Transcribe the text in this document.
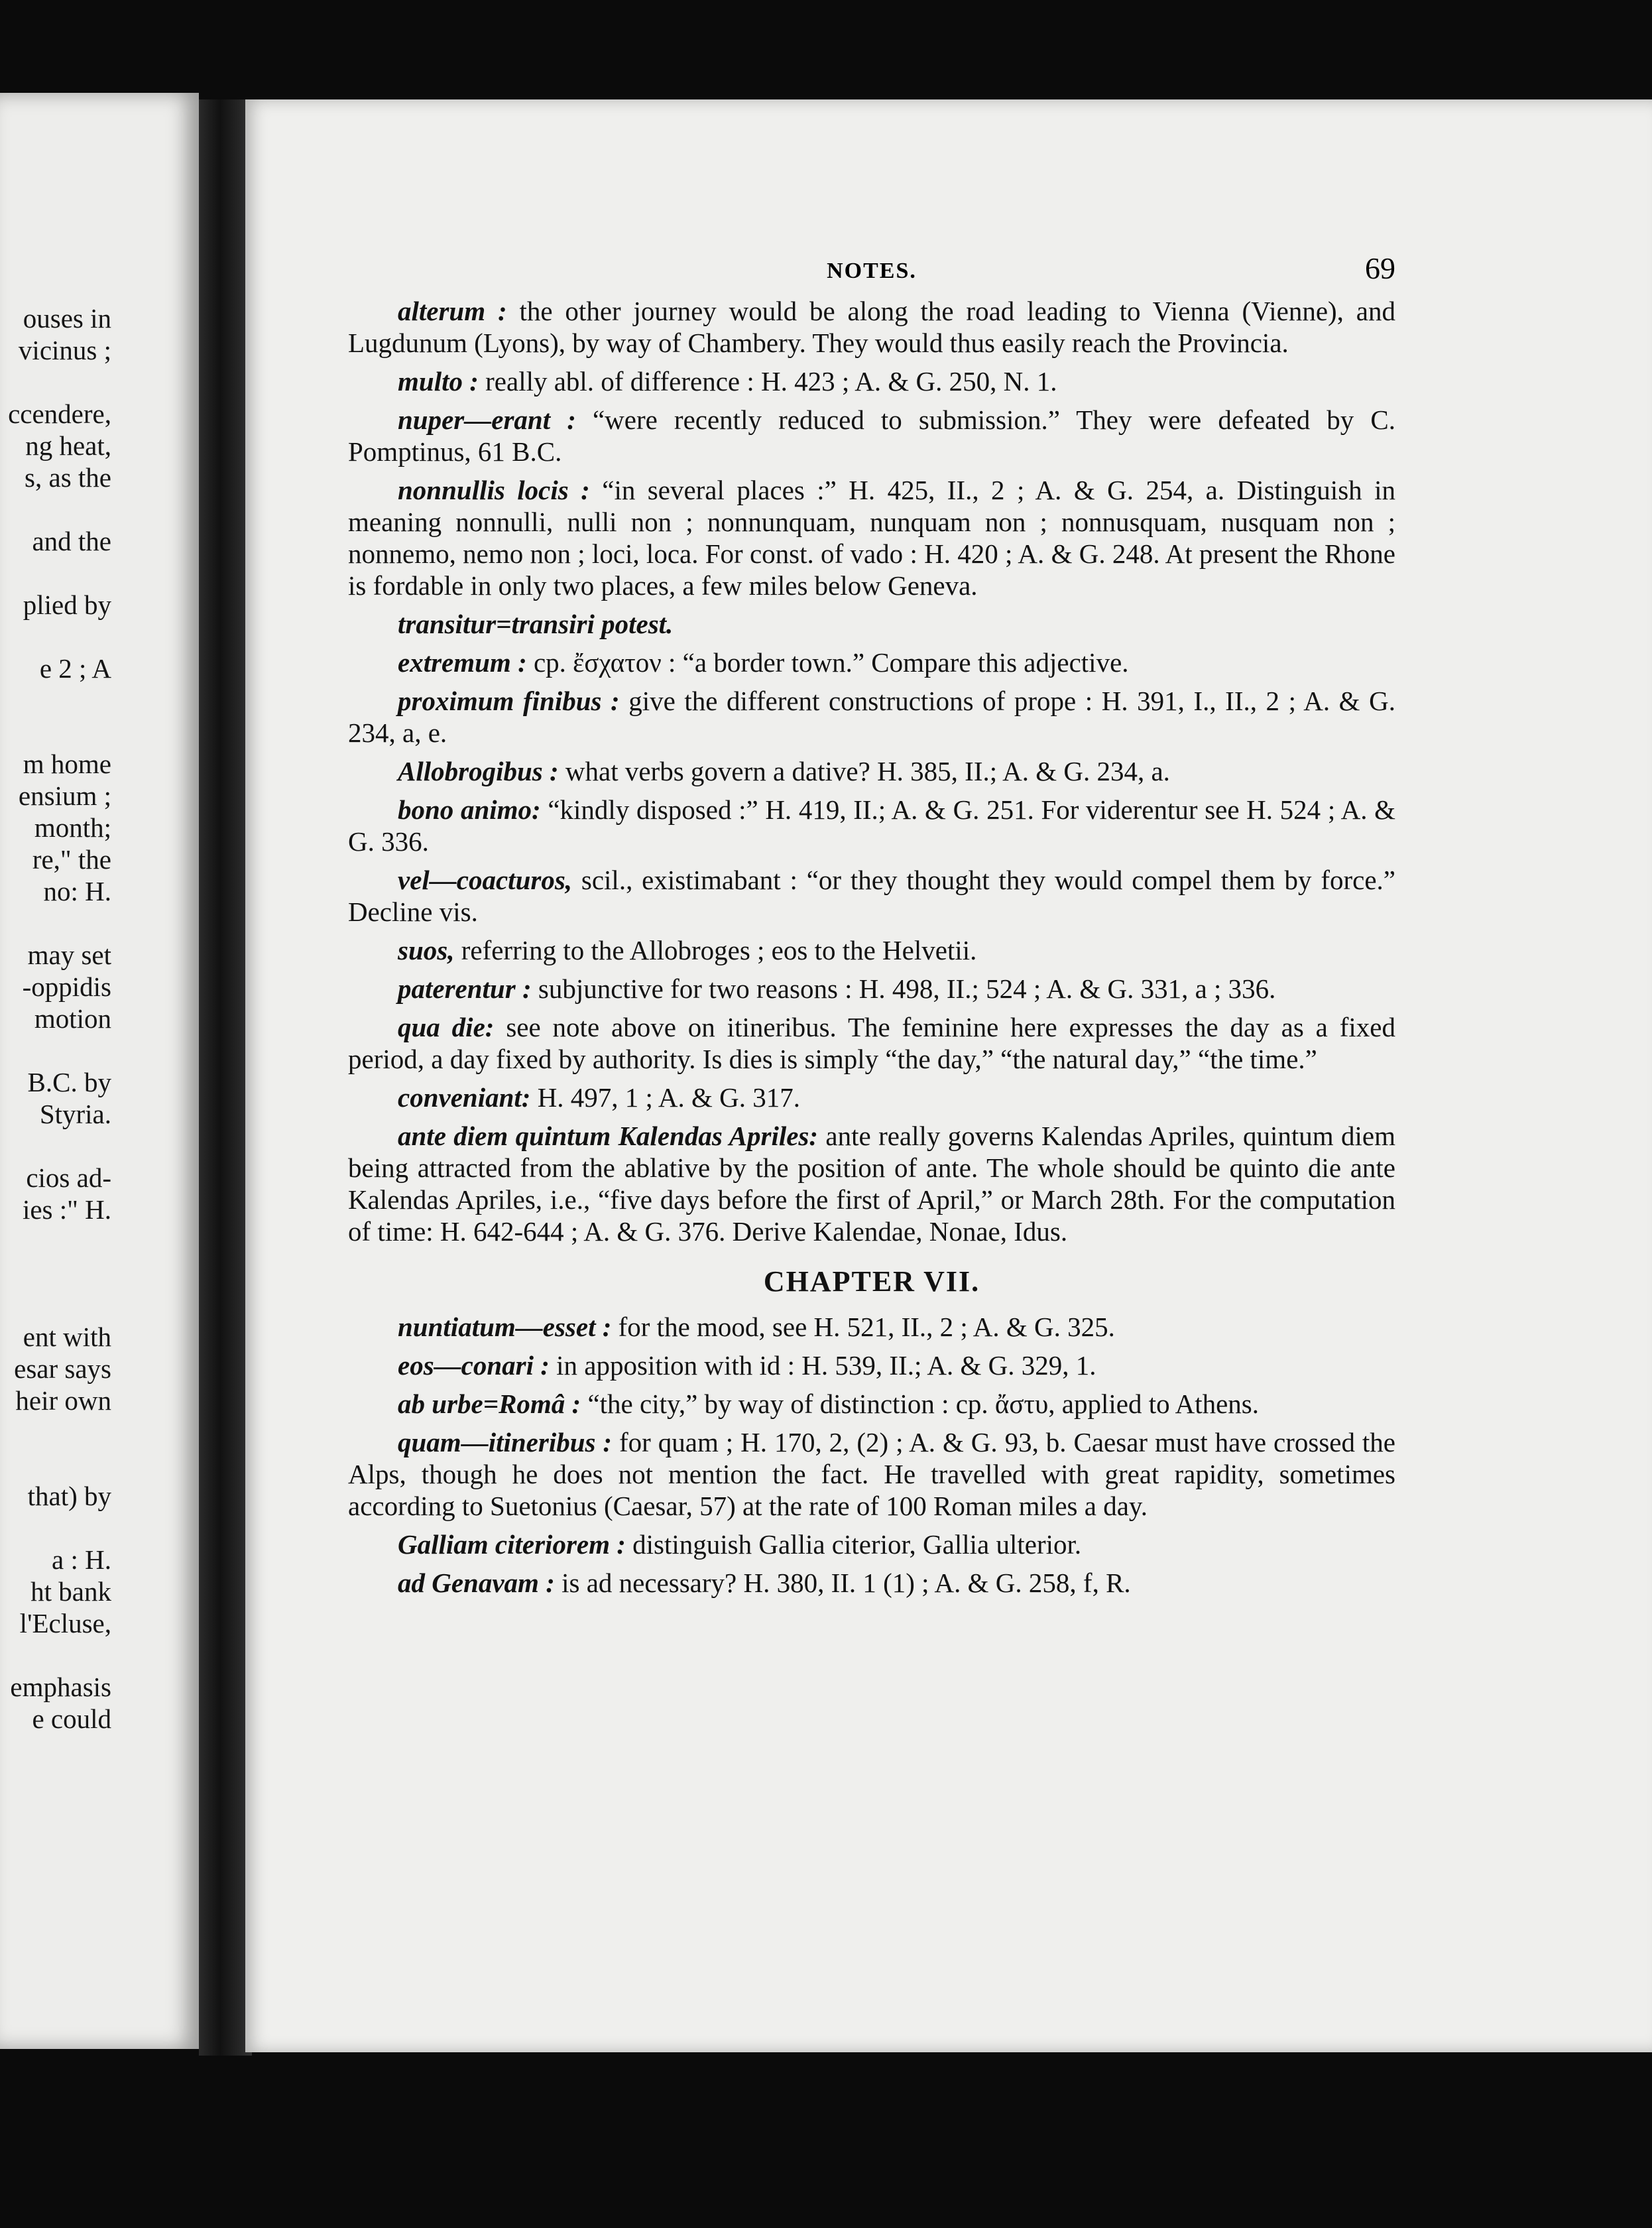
ouses in
vicinus ;
ccendere,
ng heat,
s, as the
and the
plied by
e 2 ; A
m home
ensium ;
month;
re," the
no: H.
may set
-oppidis
motion
B.C. by
Styria.
cios ad-
ies :" H.
ent with
esar says
heir own
that) by
a : H.
ht bank
l'Ecluse,
emphasis
e could
NOTES.	69

alterum : the other journey would be along the road leading to Vienna (Vienne), and Lugdunum (Lyons), by way of Chambery. They would thus easily reach the Provincia.

multo : really abl. of difference : H. 423 ; A. & G. 250, N. 1.

nuper—erant : “were recently reduced to submission.” They were defeated by C. Pomptinus, 61 B.C.

nonnullis locis : “in several places :” H. 425, II., 2 ; A. & G. 254, a. Distinguish in meaning nonnulli, nulli non ; nonnunquam, nunquam non ; nonnusquam, nusquam non ; nonnemo, nemo non ; loci, loca. For const. of vado : H. 420 ; A. & G. 248. At present the Rhone is fordable in only two places, a few miles below Geneva.

transitur=transiri potest.

extremum : cp. ἔσχατον : “a border town.” Compare this adjective.

proximum finibus : give the different constructions of prope : H. 391, I., II., 2 ; A. & G. 234, a, e.

Allobrogibus : what verbs govern a dative? H. 385, II.; A. & G. 234, a.

bono animo: “kindly disposed :” H. 419, II.; A. & G. 251. For viderentur see H. 524 ; A. & G. 336.

vel—coacturos, scil., existimabant : “or they thought they would compel them by force.” Decline vis.

suos, referring to the Allobroges ; eos to the Helvetii.

paterentur : subjunctive for two reasons : H. 498, II.; 524 ; A. & G. 331, a ; 336.

qua die: see note above on itineribus. The feminine here expresses the day as a fixed period, a day fixed by authority. Is dies is simply “the day,” “the natural day,” “the time.”

conveniant: H. 497, 1 ; A. & G. 317.

ante diem quintum Kalendas Apriles: ante really governs Kalendas Apriles, quintum diem being attracted from the ablative by the position of ante. The whole should be quinto die ante Kalendas Apriles, i.e., “five days before the first of April,” or March 28th. For the computation of time: H. 642-644 ; A. & G. 376. Derive Kalendae, Nonae, Idus.

CHAPTER VII.

nuntiatum—esset : for the mood, see H. 521, II., 2 ; A. & G. 325.

eos—conari : in apposition with id : H. 539, II.; A. & G. 329, 1.

ab urbe=Româ : “the city,” by way of distinction : cp. ἄστυ, applied to Athens.

quam—itineribus : for quam ; H. 170, 2, (2) ; A. & G. 93, b. Caesar must have crossed the Alps, though he does not mention the fact. He travelled with great rapidity, sometimes according to Suetonius (Caesar, 57) at the rate of 100 Roman miles a day.

Galliam citeriorem : distinguish Gallia citerior, Gallia ulterior.

ad Genavam : is ad necessary? H. 380, II. 1 (1) ; A. & G. 258, f, R.
